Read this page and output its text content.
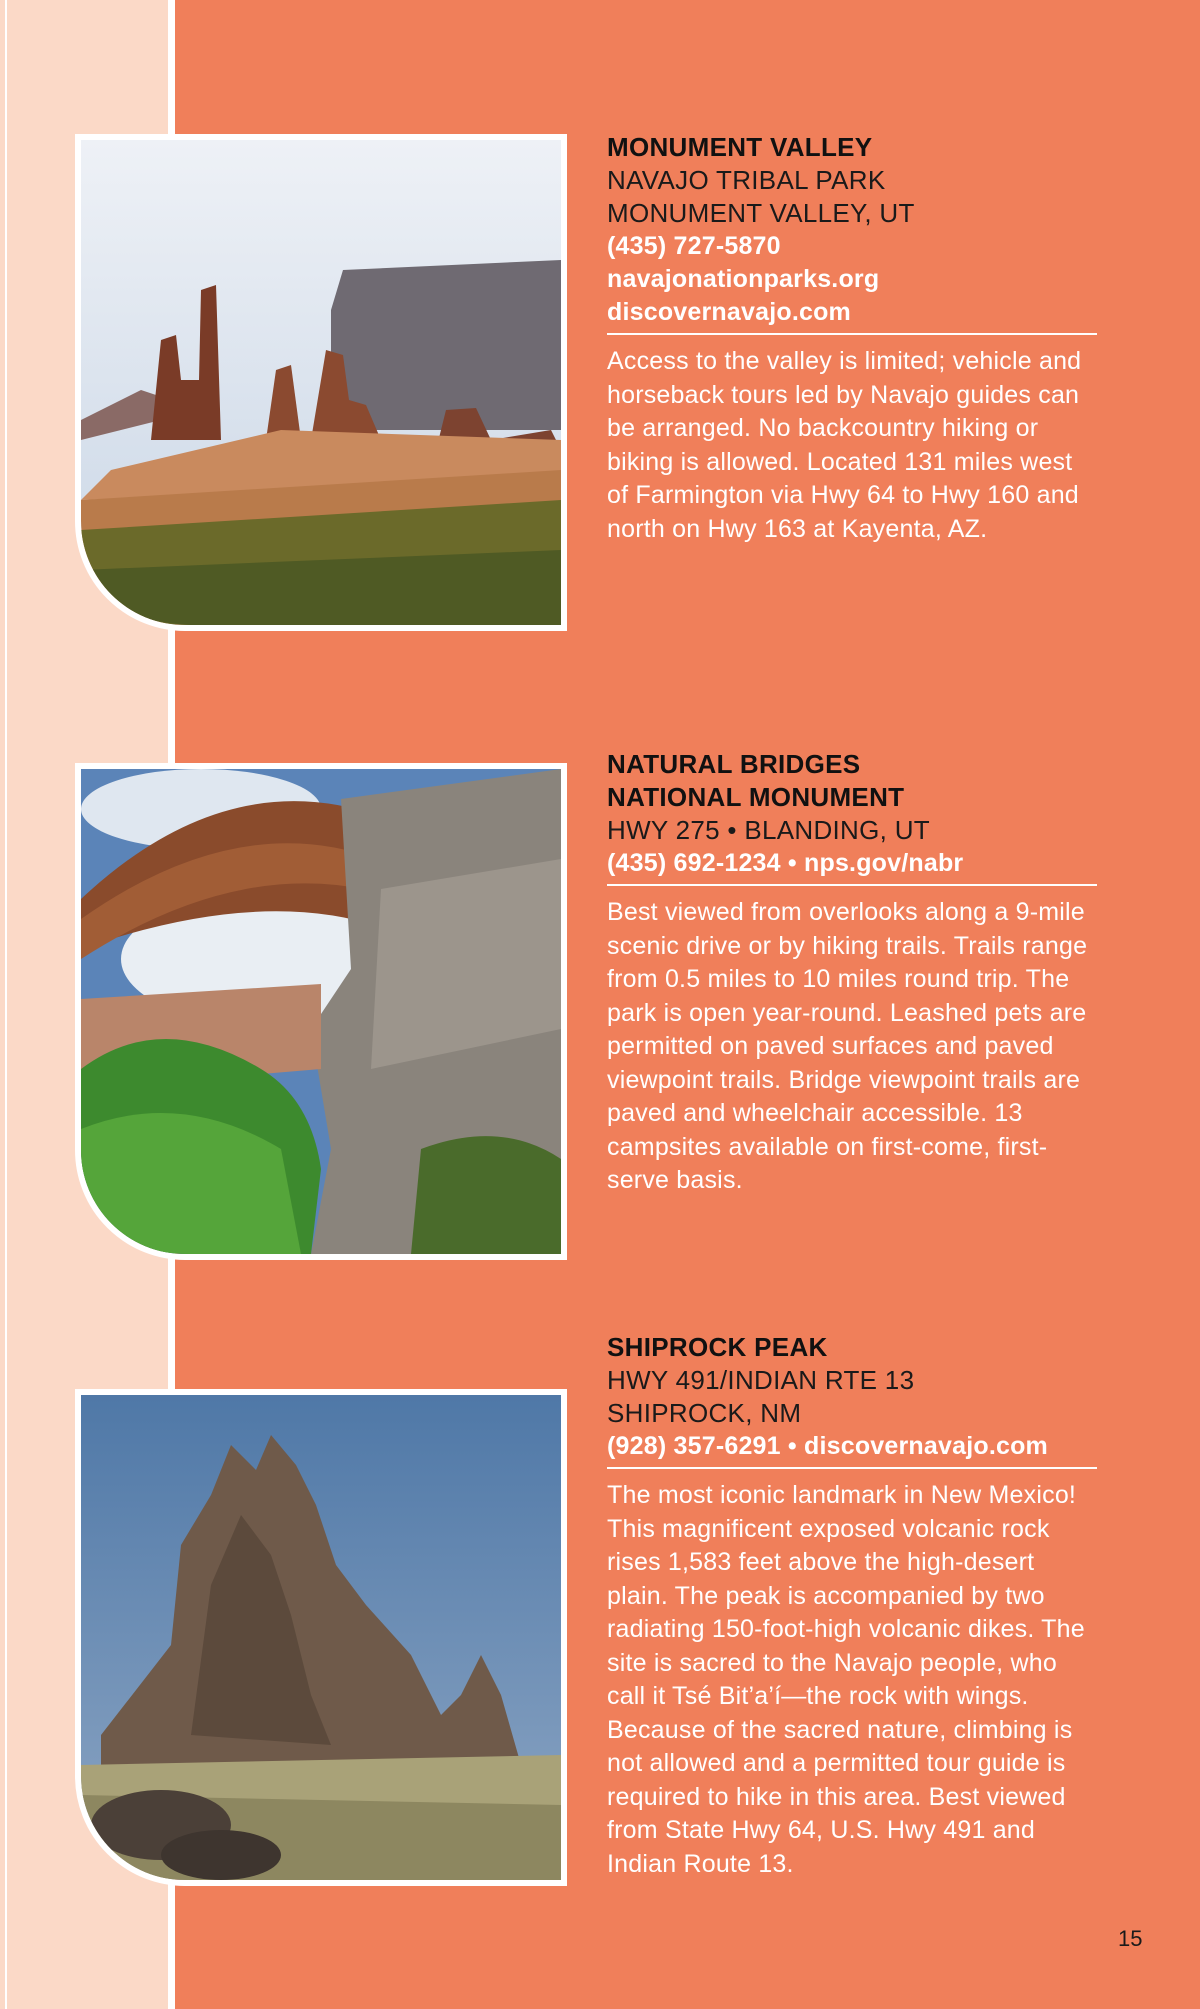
MONUMENT VALLEY
NAVAJO TRIBAL PARK
MONUMENT VALLEY, UT
(435) 727-5870
navajonationparks.org
discovernavajo.com
Access to the valley is limited; vehicle and horseback tours led by Navajo guides can be arranged. No backcountry hiking or biking is allowed. Located 131 miles west of Farmington via Hwy 64 to Hwy 160 and north on Hwy 163 at Kayenta, AZ.
NATURAL BRIDGES
NATIONAL MONUMENT
HWY 275 • BLANDING, UT
(435) 692-1234 • nps.gov/nabr
Best viewed from overlooks along a 9-mile scenic drive or by hiking trails. Trails range from 0.5 miles to 10 miles round trip. The park is open year-round. Leashed pets are permitted on paved surfaces and paved viewpoint trails. Bridge viewpoint trails are paved and wheelchair accessible. 13 campsites available on first-come, first-serve basis.
SHIPROCK PEAK
HWY 491/INDIAN RTE 13
SHIPROCK, NM
(928) 357-6291 • discovernavajo.com
The most iconic landmark in New Mexico! This magnificent exposed volcanic rock rises 1,583 feet above the high-desert plain. The peak is accompanied by two radiating 150-foot-high volcanic dikes. The site is sacred to the Navajo people, who call it Tsé Bit’a’í—the rock with wings. Because of the sacred nature, climbing is not allowed and a permitted tour guide is required to hike in this area. Best viewed from State Hwy 64, U.S. Hwy 491 and Indian Route 13.
15
